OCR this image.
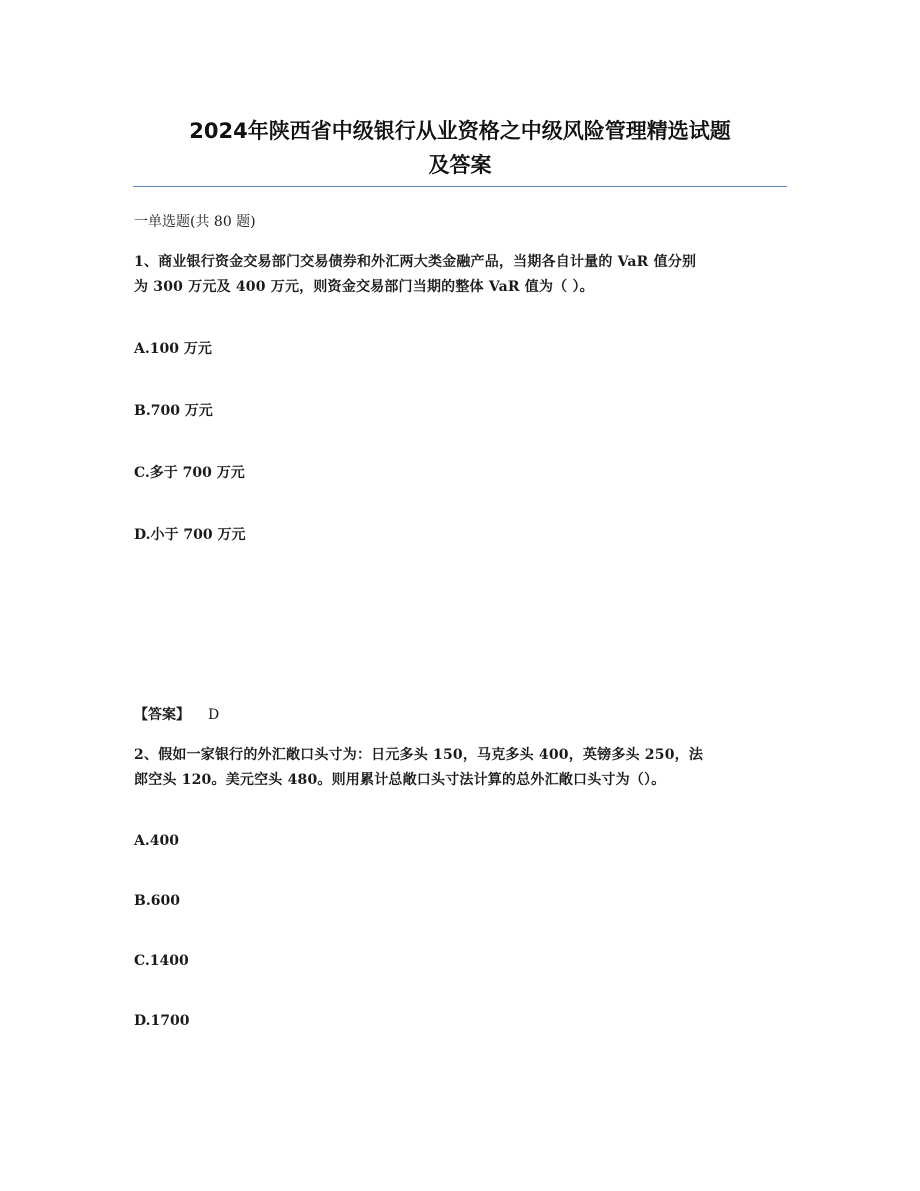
2024年陕西省中级银行从业资格之中级风险管理精选试题
及答案
一单选题(共 80 题)
1、商业银行资金交易部门交易债券和外汇两大类金融产品，当期各自计量的 VaR 值分别
为 300 万元及 400 万元，则资金交易部门当期的整体 VaR 值为（ ）。
A.100 万元
B.700 万元
C.多于 700 万元
D.小于 700 万元
【答案】 D
2、假如一家银行的外汇敞口头寸为：日元多头 150，马克多头 400，英镑多头 250，法
郎空头 120。美元空头 480。则用累计总敞口头寸法计算的总外汇敞口头寸为（）。
A.400
B.600
C.1400
D.1700
